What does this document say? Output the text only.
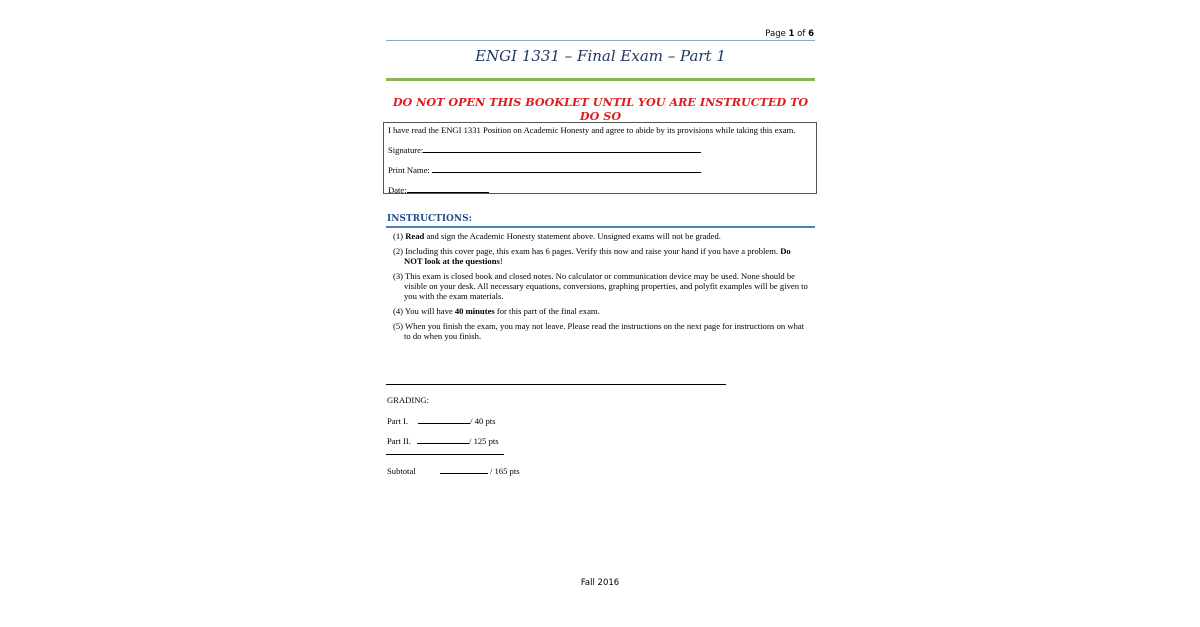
Page 1 of 6
ENGI 1331 – Final Exam – Part 1
DO NOT OPEN THIS BOOKLET UNTIL YOU ARE INSTRUCTED TO DO SO
I have read the ENGI 1331 Position on Academic Honesty and agree to abide by its provisions while taking this exam.
Signature:
Print Name:
Date:
INSTRUCTIONS:
(1) Read and sign the Academic Honesty statement above. Unsigned exams will not be graded.
(2) Including this cover page, this exam has 6 pages. Verify this now and raise your hand if you have a problem. Do
NOT look at the questions!
(3) This exam is closed book and closed notes. No calculator or communication device may be used. None should be
visible on your desk. All necessary equations, conversions, graphing properties, and polyfit examples will be given to
you with the exam materials.
(4) You will have 40 minutes for this part of the final exam.
(5) When you finish the exam, you may not leave. Please read the instructions on the next page for instructions on what
to do when you finish.
GRADING:
Part I.	/ 40 pts
Part II.	/ 125 pts
Subtotal	/ 165 pts
Fall 2016
